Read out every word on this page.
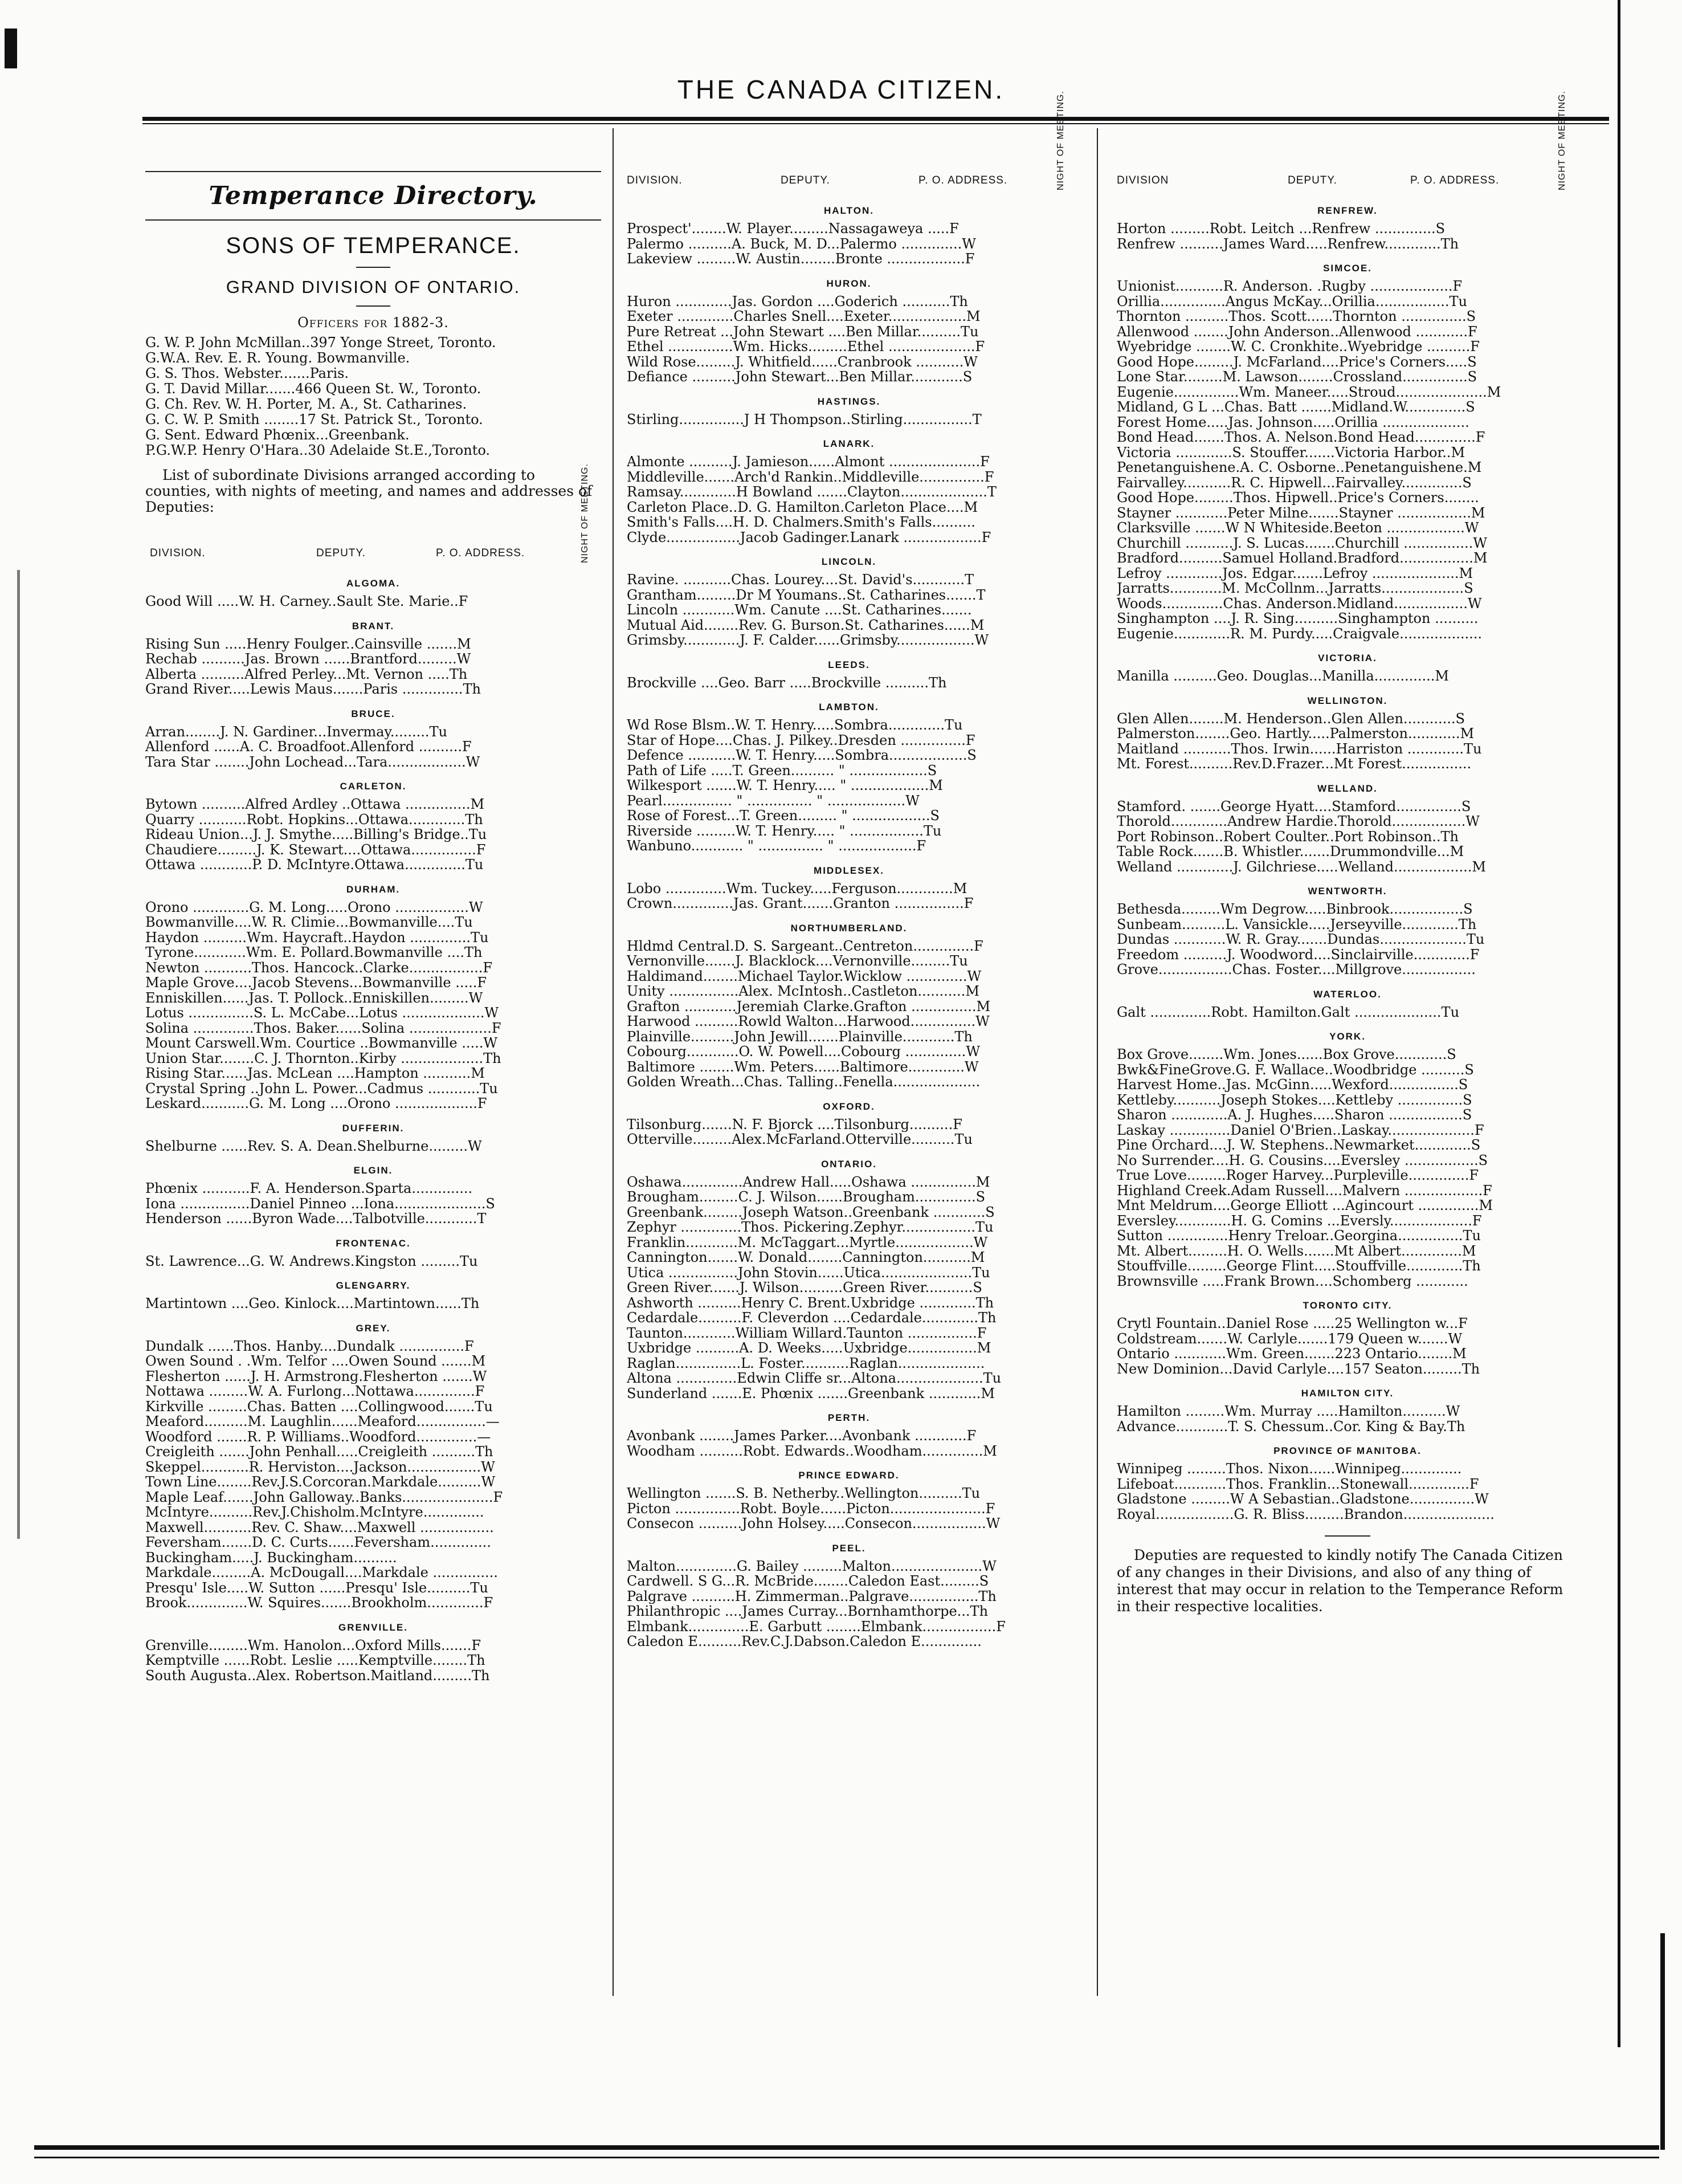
THE CANADA CITIZEN.
Temperance Directory.
SONS OF TEMPERANCE.
GRAND DIVISION OF ONTARIO.
Officers for 1882-3.
G. W. P. John McMillan..397 Yonge Street, Toronto.
G.W.A. Rev. E. R. Young. Bowmanville.
G. S. Thos. Webster.......Paris.
G. T. David Millar.......466 Queen St. W., Toronto.
G. Ch. Rev. W. H. Porter, M. A., St. Catharines.
G. C. W. P. Smith ........17 St. Patrick St., Toronto.
G. Sent. Edward Phœnix...Greenbank.
P.G.W.P. Henry O'Hara..30 Adelaide St.E.,Toronto.
List of subordinate Divisions arranged according to counties, with nights of meeting, and names and addresses of Deputies:
DIVISION.	DEPUTY.	P. O. ADDRESS.	NIGHT OF MEETING.
ALGOMA.
Good Will .....W. H. Carney..Sault Ste. Marie..F
BRANT.
Rising Sun .....Henry Foulger..Cainsville .......M
Rechab ..........Jas. Brown ......Brantford.........W
Alberta ..........Alfred Perley...Mt. Vernon .....Th
Grand River.....Lewis Maus.......Paris ..............Th
BRUCE.
Arran........J. N. Gardiner...Invermay.........Tu
Allenford ......A. C. Broadfoot.Allenford ..........F
Tara Star ........John Lochead...Tara..................W
CARLETON.
Bytown ..........Alfred Ardley ..Ottawa ...............M
Quarry ...........Robt. Hopkins...Ottawa.............Th
Rideau Union...J. J. Smythe.....Billing's Bridge..Tu
Chaudiere.........J. K. Stewart....Ottawa...............F
Ottawa ............P. D. McIntyre.Ottawa..............Tu
DURHAM.
Orono .............G. M. Long.....Orono .................W
Bowmanville....W. R. Climie...Bowmanville....Tu
Haydon ..........Wm. Haycraft..Haydon ..............Tu
Tyrone............Wm. E. Pollard.Bowmanville ....Th
Newton ...........Thos. Hancock..Clarke.................F
Maple Grove....Jacob Stevens...Bowmanville .....F
Enniskillen......Jas. T. Pollock..Enniskillen.........W
Lotus ...............S. L. McCabe...Lotus ...................W
Solina ..............Thos. Baker......Solina ...................F
Mount Carswell.Wm. Courtice ..Bowmanville .....W
Union Star........C. J. Thornton..Kirby ...................Th
Rising Star......Jas. McLean ....Hampton ...........M
Crystal Spring ..John L. Power...Cadmus ............Tu
Leskard...........G. M. Long ....Orono ...................F
DUFFERIN.
Shelburne ......Rev. S. A. Dean.Shelburne.........W
ELGIN.
Phœnix ...........F. A. Henderson.Sparta..............
Iona ................Daniel Pinneo ...Iona.....................S
Henderson ......Byron Wade....Talbotville............T
FRONTENAC.
St. Lawrence...G. W. Andrews.Kingston .........Tu
GLENGARRY.
Martintown ....Geo. Kinlock....Martintown......Th
GREY.
Dundalk ......Thos. Hanby....Dundalk ...............F
Owen Sound . .Wm. Telfor ....Owen Sound .......M
Flesherton ......J. H. Armstrong.Flesherton .......W
Nottawa .........W. A. Furlong...Nottawa..............F
Kirkville .........Chas. Batten ....Collingwood.......Tu
Meaford..........M. Laughlin......Meaford................—
Woodford .......R. P. Williams..Woodford..............—
Creigleith .......John Penhall.....Creigleith ..........Th
Skeppel...........R. Herviston....Jackson.................W
Town Line........Rev.J.S.Corcoran.Markdale..........W
Maple Leaf.......John Galloway..Banks.....................F
McIntyre..........Rev.J.Chisholm.McIntyre..............
Maxwell...........Rev. C. Shaw....Maxwell .................
Feversham.......D. C. Curts......Feversham..............
Buckingham.....J. Buckingham..........
Markdale.........A. McDougall....Markdale ...............
Presqu' Isle.....W. Sutton ......Presqu' Isle..........Tu
Brook..............W. Squires.......Brookholm.............F
GRENVILLE.
Grenville.........Wm. Hanolon...Oxford Mills.......F
Kemptville ......Robt. Leslie .....Kemptville........Th
South Augusta..Alex. Robertson.Maitland.........Th
DIVISION.	DEPUTY.	P. O. ADDRESS.	NIGHT OF MEETING.
HALTON.
Prospect'........W. Player.........Nassagaweya .....F
Palermo ..........A. Buck, M. D...Palermo ..............W
Lakeview .........W. Austin........Bronte ..................F
HURON.
Huron .............Jas. Gordon ....Goderich ...........Th
Exeter .............Charles Snell....Exeter..................M
Pure Retreat ...John Stewart ....Ben Millar..........Tu
Ethel ...............Wm. Hicks.........Ethel ....................F
Wild Rose.........J. Whitfield......Cranbrook ...........W
Defiance ..........John Stewart...Ben Millar............S
HASTINGS.
Stirling...............J H Thompson..Stirling................T
LANARK.
Almonte ..........J. Jamieson......Almont .....................F
Middleville.......Arch'd Rankin..Middleville...............F
Ramsay.............H Bowland .......Clayton....................T
Carleton Place..D. G. Hamilton.Carleton Place....M
Smith's Falls....H. D. Chalmers.Smith's Falls..........
Clyde.................Jacob Gadinger.Lanark ..................F
LINCOLN.
Ravine. ...........Chas. Lourey....St. David's............T
Grantham.........Dr M Youmans..St. Catharines.......T
Lincoln ............Wm. Canute ....St. Catharines.......
Mutual Aid........Rev. G. Burson.St. Catharines......M
Grimsby.............J. F. Calder......Grimsby..................W
LEEDS.
Brockville ....Geo. Barr .....Brockville ..........Th
LAMBTON.
Wd Rose Blsm..W. T. Henry.....Sombra.............Tu
Star of Hope....Chas. J. Pilkey..Dresden ...............F
Defence ...........W. T. Henry.....Sombra..................S
Path of Life .....T. Green.......... " ..................S
Wilkesport .......W. T. Henry..... " ..................M
Pearl................ " ............... " ..................W
Rose of Forest...T. Green......... " ..................S
Riverside .........W. T. Henry..... " .................Tu
Wanbuno............ " ............... " ..................F
MIDDLESEX.
Lobo ..............Wm. Tuckey.....Ferguson.............M
Crown..............Jas. Grant.......Granton ................F
NORTHUMBERLAND.
Hldmd Central.D. S. Sargeant..Centreton..............F
Vernonville.......J. Blacklock....Vernonville.........Tu
Haldimand........Michael Taylor.Wicklow ..............W
Unity ................Alex. McIntosh..Castleton...........M
Grafton ............Jeremiah Clarke.Grafton ...............M
Harwood ..........Rowld Walton...Harwood...............W
Plainville..........John Jewill.......Plainville............Th
Cobourg............O. W. Powell....Cobourg ..............W
Baltimore ........Wm. Peters......Baltimore.............W
Golden Wreath...Chas. Talling..Fenella....................
OXFORD.
Tilsonburg.......N. F. Bjorck ....Tilsonburg..........F
Otterville.........Alex.McFarland.Otterville..........Tu
ONTARIO.
Oshawa..............Andrew Hall.....Oshawa ...............M
Brougham.........C. J. Wilson......Brougham..............S
Greenbank.........Joseph Watson..Greenbank ............S
Zephyr ..............Thos. Pickering.Zephyr.................Tu
Franklin............M. McTaggart...Myrtle..................W
Cannington.......W. Donald........Cannington...........M
Utica ................John Stovin......Utica.....................Tu
Green River.......J. Wilson..........Green River...........S
Ashworth ..........Henry C. Brent.Uxbridge .............Th
Cedardale..........F. Cleverdon ....Cedardale.............Th
Taunton............William Willard.Taunton ................F
Uxbridge ..........A. D. Weeks.....Uxbridge................M
Raglan...............L. Foster...........Raglan....................
Altona ..............Edwin Cliffe sr...Altona....................Tu
Sunderland .......E. Phœnix .......Greenbank ............M
PERTH.
Avonbank ........James Parker....Avonbank ............F
Woodham ..........Robt. Edwards..Woodham..............M
PRINCE EDWARD.
Wellington .......S. B. Netherby..Wellington..........Tu
Picton ...............Robt. Boyle......Picton......................F
Consecon ..........John Holsey.....Consecon.................W
PEEL.
Malton..............G. Bailey .........Malton.....................W
Cardwell. S G...R. McBride........Caledon East.........S
Palgrave ..........H. Zimmerman..Palgrave................Th
Philanthropic ....James Curray...Bornhamthorpe...Th
Elmbank..............E. Garbutt ........Elmbank.................F
Caledon E..........Rev.C.J.Dabson.Caledon E..............
DIVISION	DEPUTY.	P. O. ADDRESS.	NIGHT OF MEETING.
RENFREW.
Horton .........Robt. Leitch ...Renfrew ..............S
Renfrew ..........James Ward.....Renfrew.............Th
SIMCOE.
Unionist...........R. Anderson. .Rugby ...................F
Orillia...............Angus McKay...Orillia.................Tu
Thornton ..........Thos. Scott......Thornton ...............S
Allenwood ........John Anderson..Allenwood ............F
Wyebridge ........W. C. Cronkhite..Wyebridge ..........F
Good Hope.........J. McFarland....Price's Corners.....S
Lone Star.........M. Lawson........Crossland...............S
Eugenie...............Wm. Maneer.....Stroud.....................M
Midland, G L ...Chas. Batt .......Midland.W..............S
Forest Home.....Jas. Johnson.....Orillia ....................
Bond Head.......Thos. A. Nelson.Bond Head..............F
Victoria .............S. Stouffer.......Victoria Harbor..M
Penetanguishene.A. C. Osborne..Penetanguishene.M
Fairvalley...........R. C. Hipwell...Fairvalley..............S
Good Hope.........Thos. Hipwell..Price's Corners........
Stayner ............Peter Milne.......Stayner .................M
Clarksville .......W N Whiteside.Beeton ..................W
Churchill ...........J. S. Lucas.......Churchill ................W
Bradford..........Samuel Holland.Bradford.................M
Lefroy .............Jos. Edgar.......Lefroy ....................M
Jarratts............M. McCollnm...Jarratts...................S
Woods..............Chas. Anderson.Midland.................W
Singhampton ....J. R. Sing..........Singhampton ..........
Eugenie.............R. M. Purdy.....Craigvale...................
VICTORIA.
Manilla ..........Geo. Douglas...Manilla..............M
WELLINGTON.
Glen Allen........M. Henderson..Glen Allen............S
Palmerston........Geo. Hartly.....Palmerston............M
Maitland ...........Thos. Irwin......Harriston .............Tu
Mt. Forest..........Rev.D.Frazer...Mt Forest................
WELLAND.
Stamford. .......George Hyatt....Stamford...............S
Thorold.............Andrew Hardie.Thorold.................W
Port Robinson..Robert Coulter..Port Robinson..Th
Table Rock.......B. Whistler.......Drummondville...M
Welland .............J. Gilchriese.....Welland..................M
WENTWORTH.
Bethesda.........Wm Degrow.....Binbrook.................S
Sunbeam..........L. Vansickle.....Jerseyville.............Th
Dundas ............W. R. Gray.......Dundas....................Tu
Freedom ..........J. Woodword....Sinclairville.............F
Grove.................Chas. Foster....Millgrove.................
WATERLOO.
Galt ..............Robt. Hamilton.Galt ....................Tu
YORK.
Box Grove........Wm. Jones......Box Grove............S
Bwk&FineGrove.G. F. Wallace..Woodbridge ..........S
Harvest Home..Jas. McGinn.....Wexford................S
Kettleby...........Joseph Stokes....Kettleby ...............S
Sharon .............A. J. Hughes.....Sharon .................S
Laskay ..............Daniel O'Brien..Laskay....................F
Pine Orchard....J. W. Stephens..Newmarket.............S
No Surrender....H. G. Cousins....Eversley .................S
True Love.........Roger Harvey...Purpleville..............F
Highland Creek.Adam Russell....Malvern ..................F
Mnt Meldrum....George Elliott ...Agincourt ..............M
Eversley.............H. G. Comins ...Eversly...................F
Sutton ..............Henry Treloar..Georgina...............Tu
Mt. Albert.........H. O. Wells.......Mt Albert..............M
Stouffville.........George Flint.....Stouffville.............Th
Brownsville .....Frank Brown....Schomberg ............
TORONTO CITY.
Crytl Fountain..Daniel Rose .....25 Wellington w...F
Coldstream.......W. Carlyle.......179 Queen w.......W
Ontario ............Wm. Green.......223 Ontario........M
New Dominion...David Carlyle....157 Seaton.........Th
HAMILTON CITY.
Hamilton .........Wm. Murray .....Hamilton..........W
Advance............T. S. Chessum..Cor. King & Bay.Th
PROVINCE OF MANITOBA.
Winnipeg .........Thos. Nixon......Winnipeg..............
Lifeboat............Thos. Franklin...Stonewall..............F
Gladstone .........W A Sebastian..Gladstone...............W
Royal..................G. R. Bliss.........Brandon.....................
Deputies are requested to kindly notify The Canada Citizen of any changes in their Divisions, and also of any thing of interest that may occur in relation to the Temperance Reform in their respective localities.
